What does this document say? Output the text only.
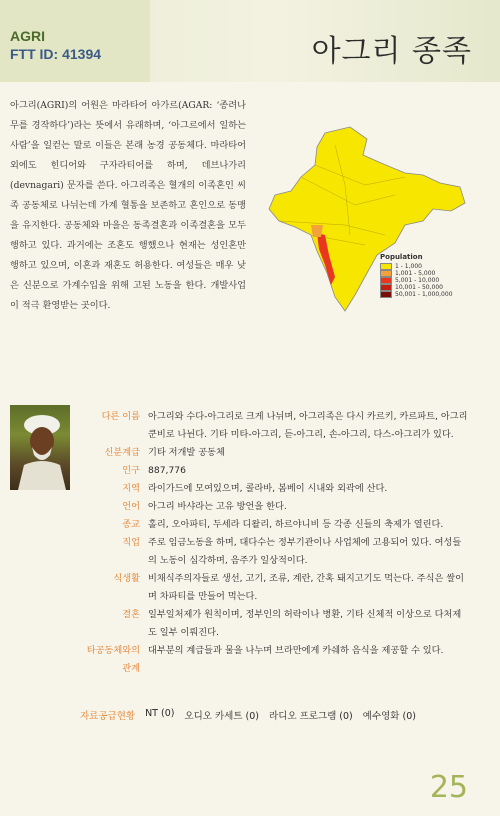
AGRI
FTT ID: 41394	아그리 종족
아그리(AGRI)의 어원은 마라타어 아가르(AGAR: ‘종려나무를 경작하다’)라는 뜻에서 유래하며, ‘아그르에서 일하는 사람’을 일컫는 말로 이들은 본래 농경 공동체다. 마라타어 외에도 힌디어와 구자라티어를 하며, 데브나가리(devnagari) 문자를 쓴다. 아그리족은 혈개의 이족혼인 씨족 공동체로 나뉘는데 가계 혈통을 보존하고 혼인으로 동맹을 유지한다. 공동체와 마을은 동족결혼과 이족결혼을 모두 행하고 있다. 과거에는 조혼도 행했으나 현재는 성인혼만 행하고 있으며, 이혼과 재혼도 허용한다. 여성들은 매우 낮은 신분으로 가계수입을 위해 고된 노동을 한다. 개발사업이 적극 환영받는 곳이다.
Population
1 - 1,000
1,001 - 5,000
5,001 - 10,000
10,001 - 50,000
50,001 - 1,000,000
다른 이름 아그리와 수다-아그리로 크게 나뉘며, 아그리족은 다시 카르키, 카르파트, 아그리쿤비로 나뉜다. 기타 미타-아그리, 듣-아그리, 손-아그리, 다스-아그리가 있다.
신분계급 기타 저개발 공동체
인구 887,776
지역 라이가드에 모여있으며, 콜라바, 봄베이 시내와 외곽에 산다.
언어 아그리 바샤라는 고유 방언을 한다.
종교 홀리, 오아파티, 두세라 디왈리, 하르야니비 등 각종 신들의 축제가 열린다.
직업 주로 임금노동을 하며, 대다수는 정부기관이나 사업체에 고용되어 있다. 여성들의 노동이 심각하며, 음주가 일상적이다.
식생활 비채식주의자들로 생선, 고기, 조류, 계란, 간혹 돼지고기도 먹는다. 주식은 쌀이며 차파티를 만들어 먹는다.
결혼 일부일처제가 원칙이며, 정부인의 허락이나 병환, 기타 신체적 이상으로 다처제도 일부 이뤄진다.
타공동체와의 관계
대부분의 계급들과 물을 나누며 브라만에게 카쉐하 음식을 제공할 수 있다.
자료공급현황 NT (0) 오디오 카세트 (0) 라디오 프로그램 (0) 예수영화 (0)
25
